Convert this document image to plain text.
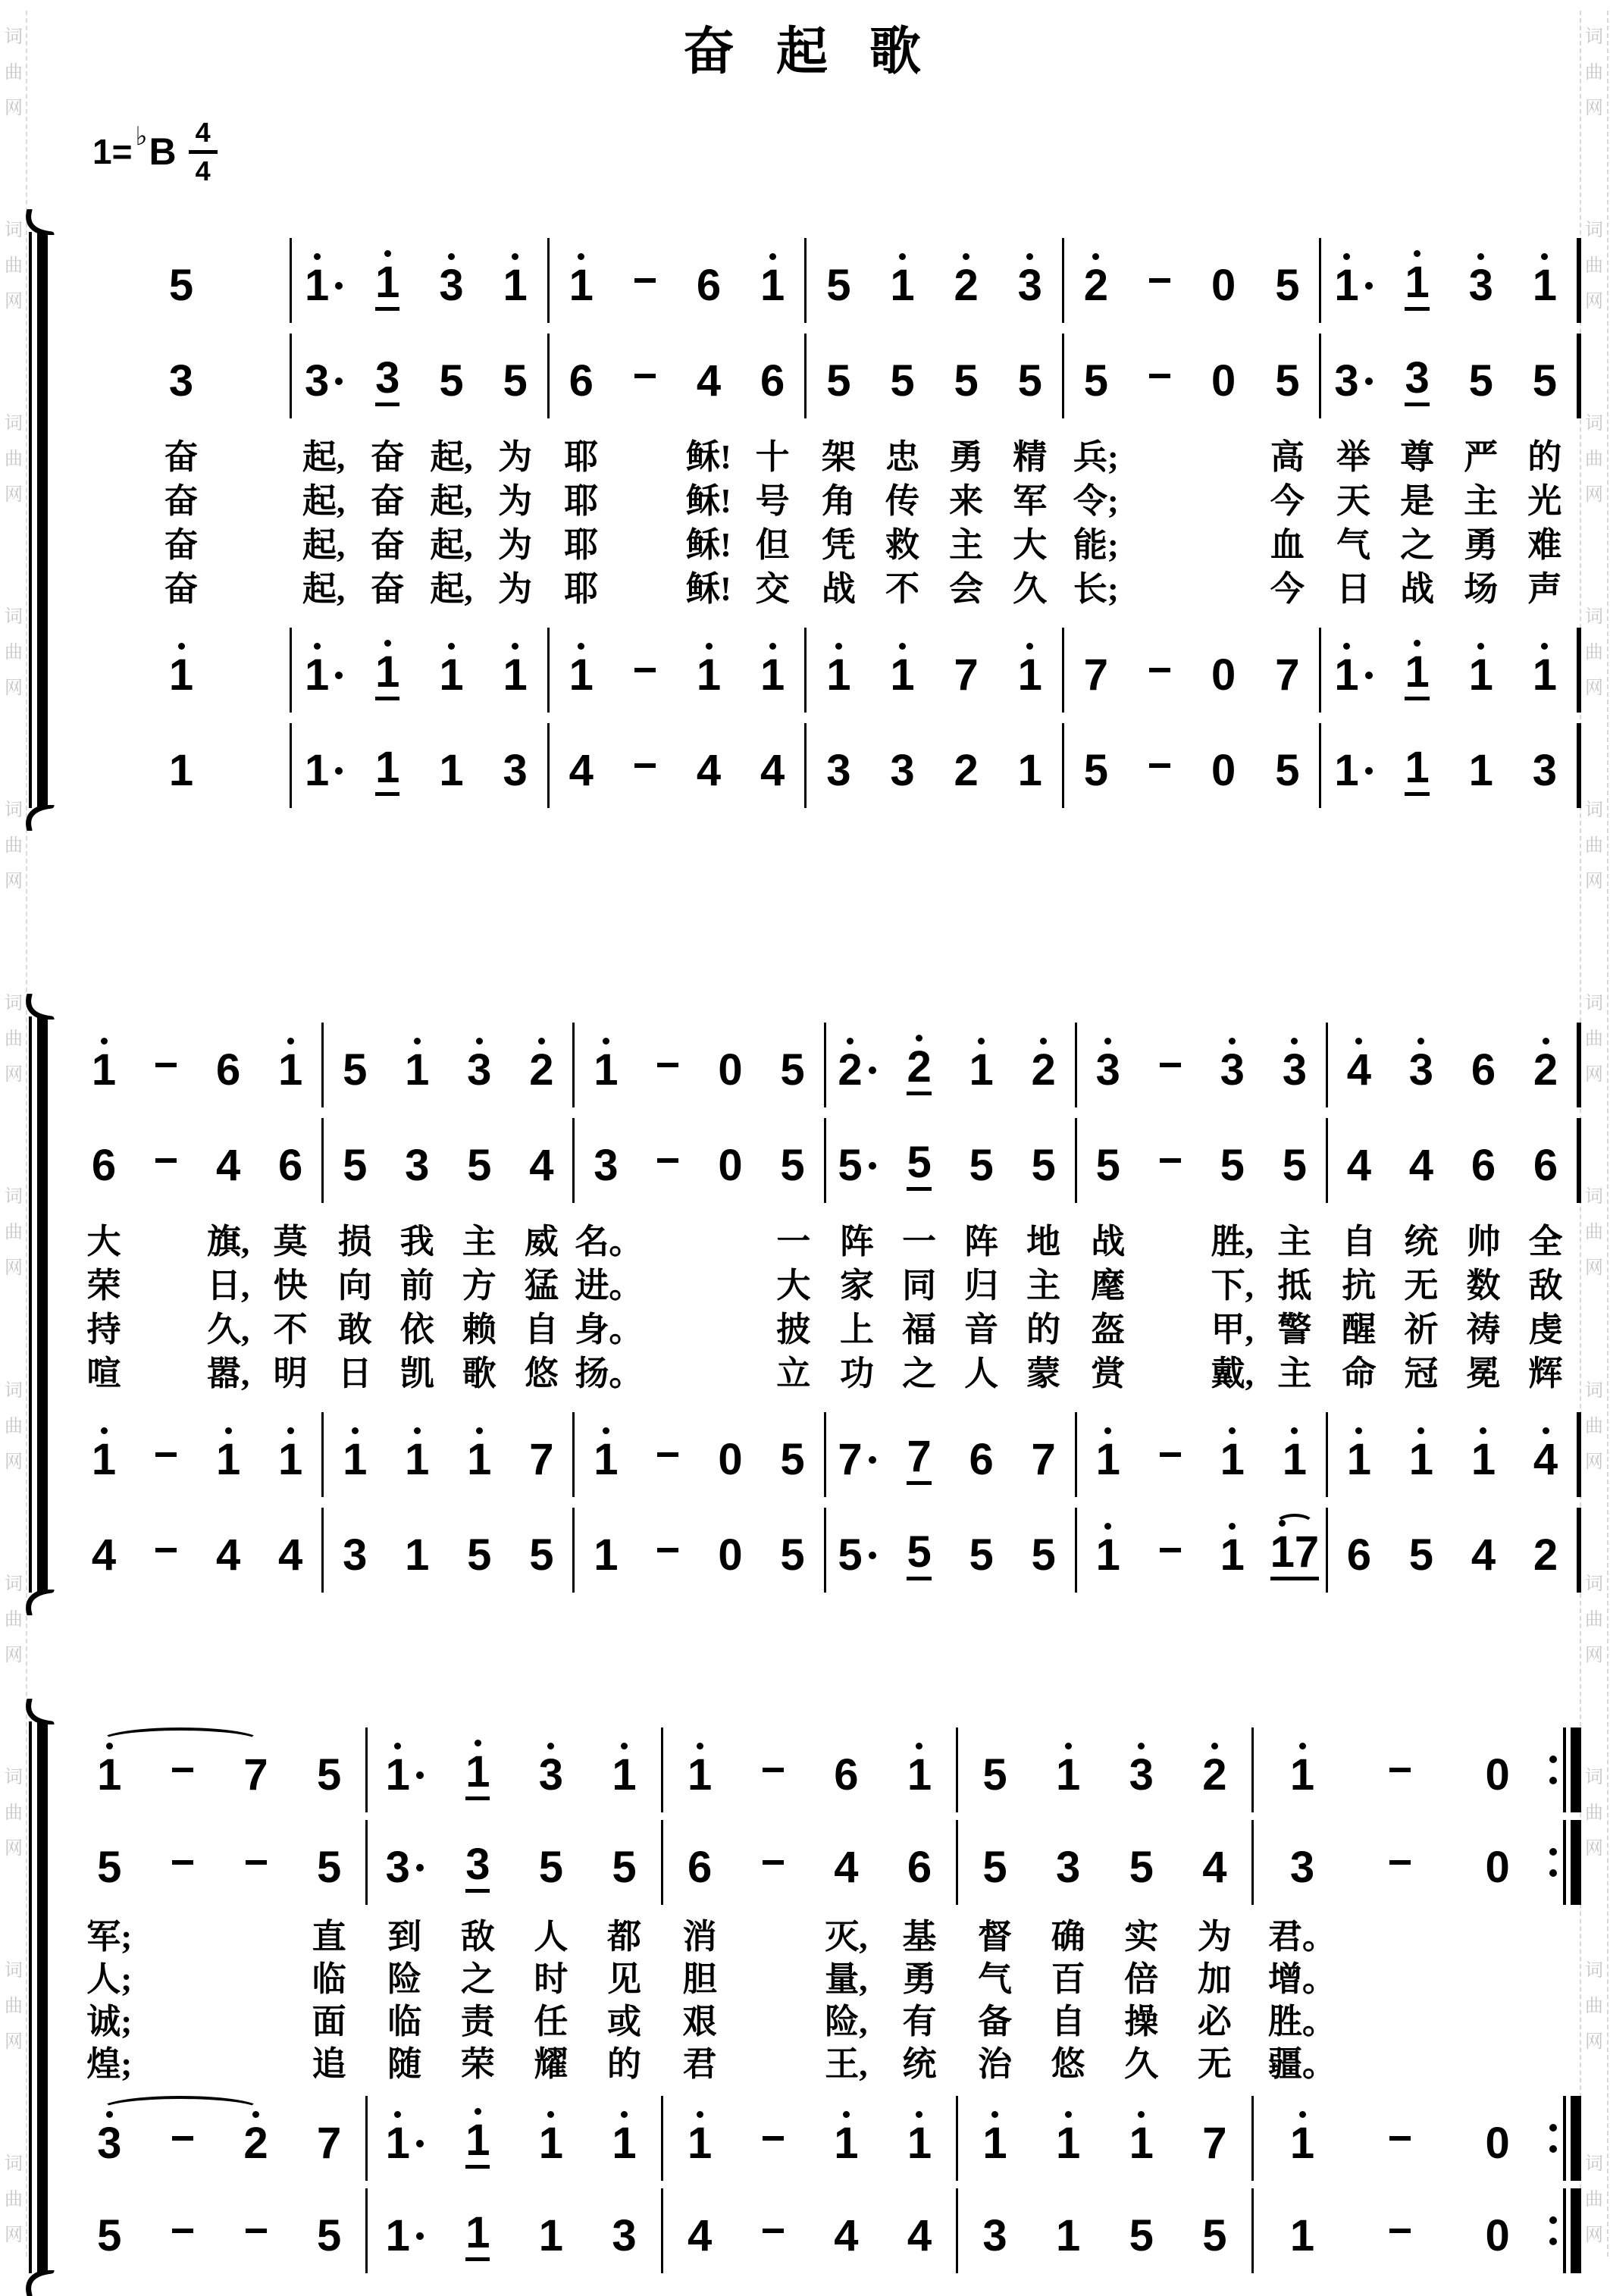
词
曲
网
词
曲
网
词
曲
网
词
曲
网
词
曲
网
词
曲
网
词
曲
网
词
曲
网
词
曲
网
词
曲
网
词
曲
网
词
曲
网
词
曲
网
词
曲
网
词
曲
网
词
曲
网
词
曲
网
词
曲
网
词
曲
网
词
曲
网
词
曲
网
词
曲
网
词
曲
网
词
曲
网
奋 起 歌
1= ♭ B 4
4
5	1 1 3 1 1 6 1 5 1 2 3 2 0 5 1 1 3 1
3	3 3 5 5 6 4 6 5 5 5 5 5 0 5 3 3 5 5
奋	起, 奋 起, 为 耶	稣! 十 架 忠 勇 精 兵;	高 举 尊 严 的
奋	起, 奋 起, 为 耶	稣! 号 角 传 来 军 令;	今 天 是 主 光
奋	起, 奋 起, 为 耶	稣! 但 凭 救 主 大 能;	血 气 之 勇 难
奋	起, 奋 起, 为 耶	稣! 交 战 不 会 久 长;	今 日 战 场 声
1	1 1 1 1 1 1 1 1 1 7 1 7 0 7 1 1 1 1
1	1 1 1 3 4 4 4 3 3 2 1 5 0 5 1 1 1 3
1 6 1 5 1 3 2 1 0 5 2 2 1 2 3 3 3 4 3 6 2
6 4 6 5 3 5 4 3 0 5 5 5 5 5 5 5 5 4 4 6 6
大	旗, 莫 损 我 主 威 名。	一 阵 一 阵 地 战	胜, 主 自 统 帅 全
荣	日, 快 向 前 方 猛 进。	大 家 同 归 主 麾	下, 抵 抗 无 数 敌
持	久, 不 敢 依 赖 自 身。	披 上 福 音 的 盔	甲, 警 醒 祈 祷 虔
喧	嚣, 明 日 凯 歌 悠 扬。	立 功 之 人 蒙 赏	戴, 主 命 冠 冕 辉
1 1 1 1 1 1 7 1 0 5 7 7 6 7 1 1 1 1 1 1 4
4 4 4 3 1 5 5 1 0 5 5 5 5 5 1 1 1 7 6 5 4 2
1	7 5 1 1 3 1 1	6 1 5 1 3 2 1	0
5	5 3 3 5 5 6	4 6 5 3 5 4 3	0
军;	直 到 敌 人 都 消	灭, 基 督 确 实 为 君。
人;	临 险 之 时 见 胆	量, 勇 气 百 倍 加 增。
诚;	面 临 责 任 或 艰	险, 有 备 自 操 必 胜。
煌;	追 随 荣 耀 的 君	王, 统 治 悠 久 无 疆。
3	2 7 1 1 1 1 1	1 1 1 1 1 7 1	0
5	5 1 1 1 3 4	4 4 3 1 5 5 1	0
